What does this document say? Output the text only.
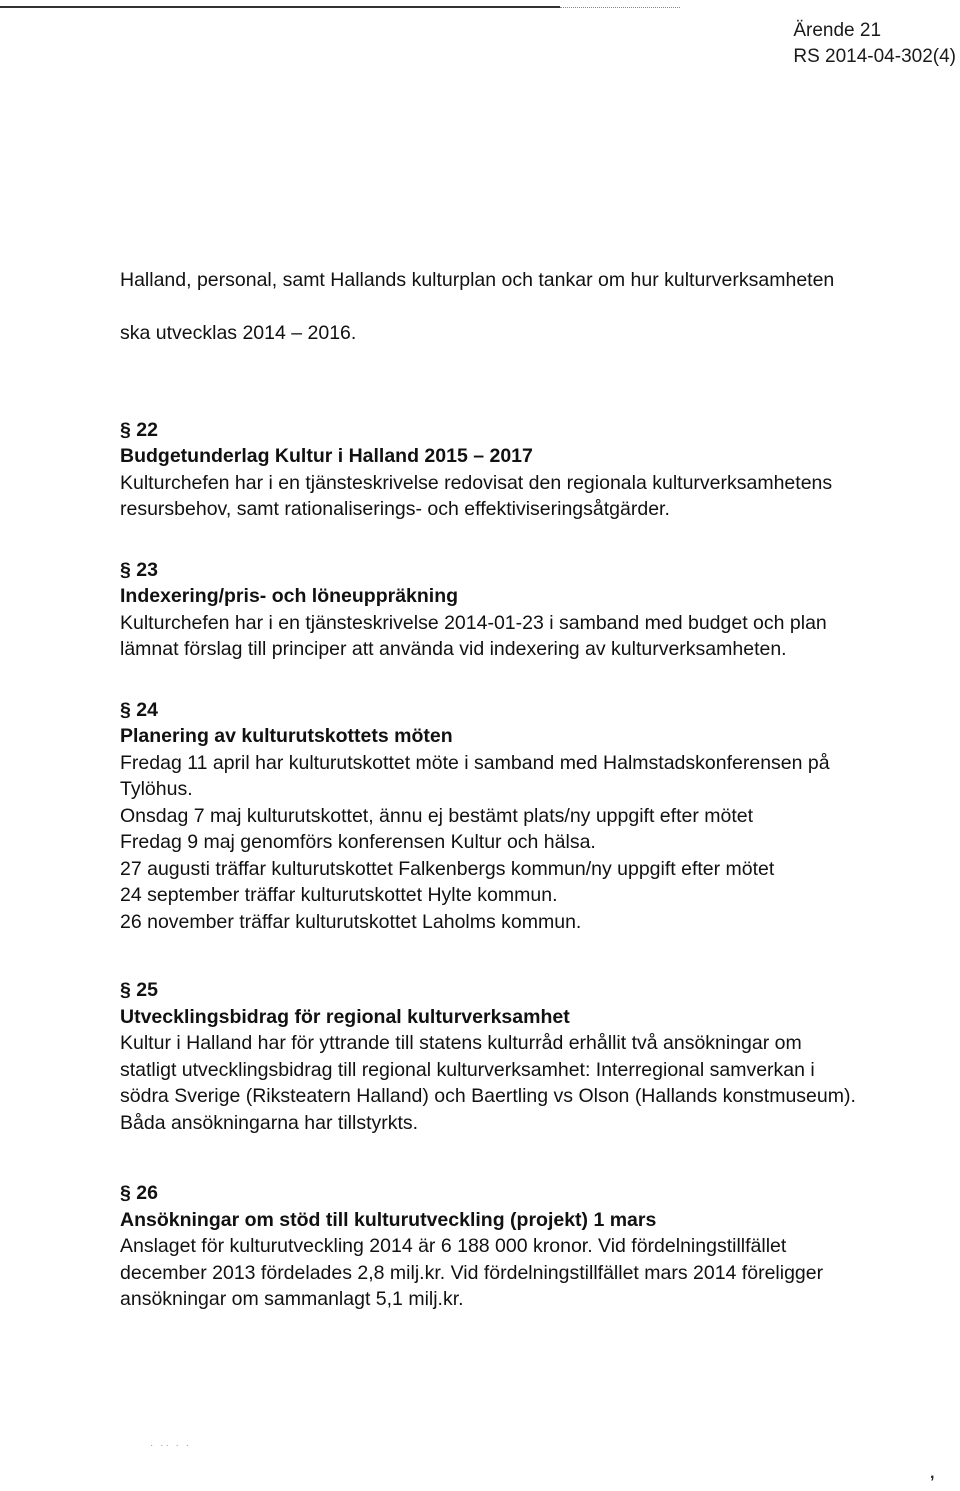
Ärende 21
RS 2014-04-302(4)

Halland, personal, samt Hallands kulturplan och tankar om hur kulturverksamheten

ska utvecklas 2014 – 2016.

§ 22
Budgetunderlag Kultur i Halland 2015 – 2017
Kulturchefen har i en tjänsteskrivelse redovisat den regionala kulturverksamhetens
resursbehov, samt rationaliserings- och effektiviseringsåtgärder.
§ 23
Indexering/pris- och löneuppräkning
Kulturchefen har i en tjänsteskrivelse 2014-01-23 i samband med budget och plan
lämnat förslag till principer att använda vid indexering av kulturverksamheten.
§ 24
Planering av kulturutskottets möten
Fredag 11 april har kulturutskottet möte i samband med Halmstadskonferensen på
Tylöhus.
Onsdag 7 maj kulturutskottet, ännu ej bestämt plats/ny uppgift efter mötet
Fredag 9 maj genomförs konferensen Kultur och hälsa.
27 augusti träffar kulturutskottet Falkenbergs kommun/ny uppgift efter mötet
24 september träffar kulturutskottet Hylte kommun.
26 november träffar kulturutskottet Laholms kommun.
§ 25
Utvecklingsbidrag för regional kulturverksamhet
Kultur i Halland har för yttrande till statens kulturråd erhållit två ansökningar om
statligt utvecklingsbidrag till regional kulturverksamhet: Interregional samverkan i
södra Sverige (Riksteatern Halland) och Baertling vs Olson (Hallands konstmuseum).
Båda ansökningarna har tillstyrkts.
§ 26
Ansökningar om stöd till kulturutveckling (projekt) 1 mars
Anslaget för kulturutveckling 2014 är 6 188 000 kronor. Vid fördelningstillfället
december 2013 fördelades 2,8 milj.kr. Vid fördelningstillfället mars 2014 föreligger
ansökningar om sammanlagt 5,1 milj.kr.
· ·· · ·
,
